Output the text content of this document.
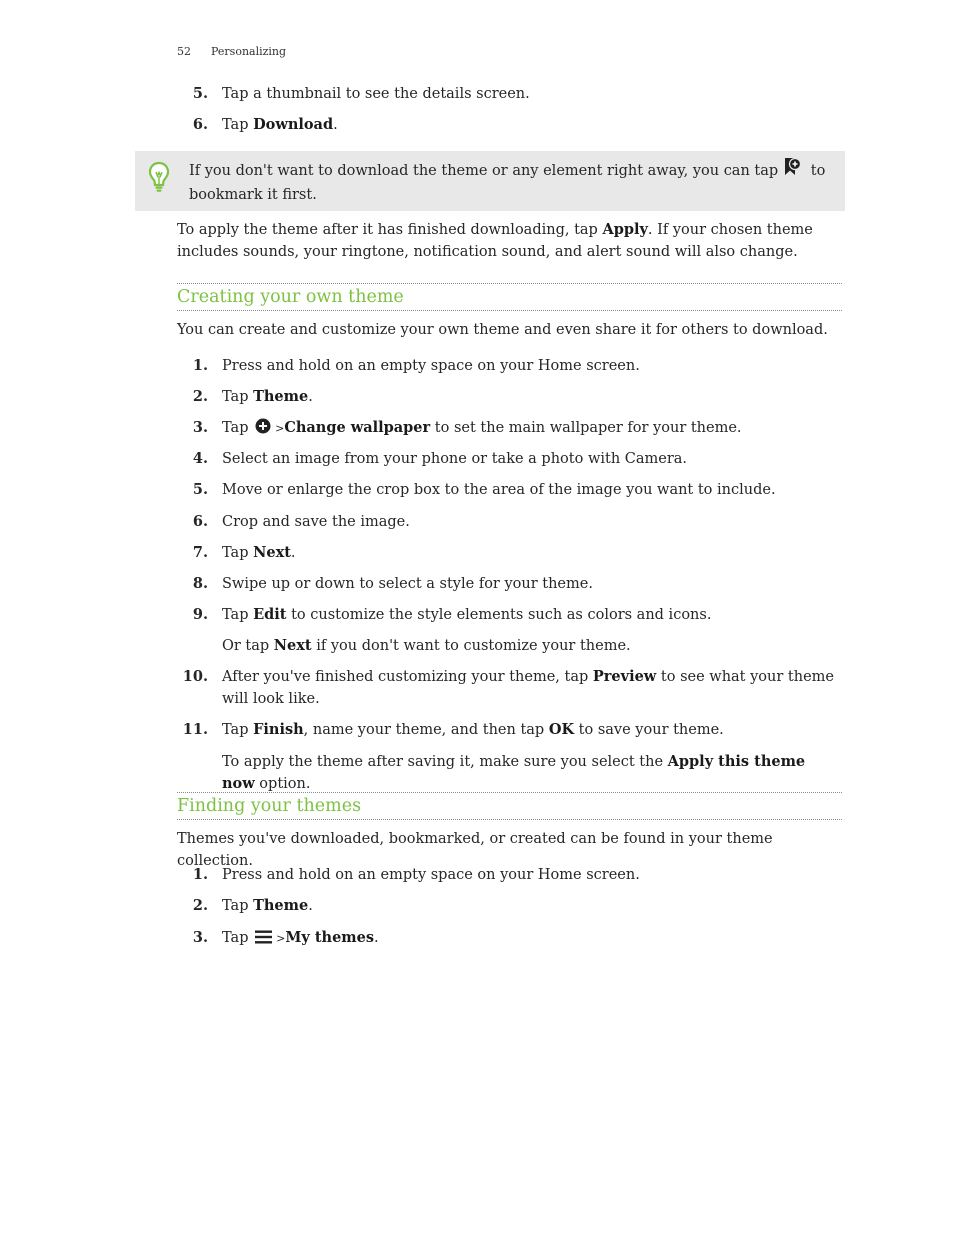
52 Personalizing
5. Tap a thumbnail to see the details screen.
6. Tap Download.
If you don't want to download the theme or any element right away, you can tap to bookmark it first.
To apply the theme after it has finished downloading, tap Apply. If your chosen theme includes sounds, your ringtone, notification sound, and alert sound will also change.
Creating your own theme
You can create and customize your own theme and even share it for others to download.
1. Press and hold on an empty space on your Home screen.
2. Tap Theme.
3. Tap >Change wallpaper to set the main wallpaper for your theme.
4. Select an image from your phone or take a photo with Camera.
5. Move or enlarge the crop box to the area of the image you want to include.
6. Crop and save the image.
7. Tap Next.
8. Swipe up or down to select a style for your theme.
9. Tap Edit to customize the style elements such as colors and icons.
Or tap Next if you don't want to customize your theme.
10. After you've finished customizing your theme, tap Preview to see what your theme will look like.
11. Tap Finish, name your theme, and then tap OK to save your theme.
To apply the theme after saving it, make sure you select the Apply this theme now option.
Finding your themes
Themes you've downloaded, bookmarked, or created can be found in your theme collection.
1. Press and hold on an empty space on your Home screen.
2. Tap Theme.
3. Tap >My themes.
